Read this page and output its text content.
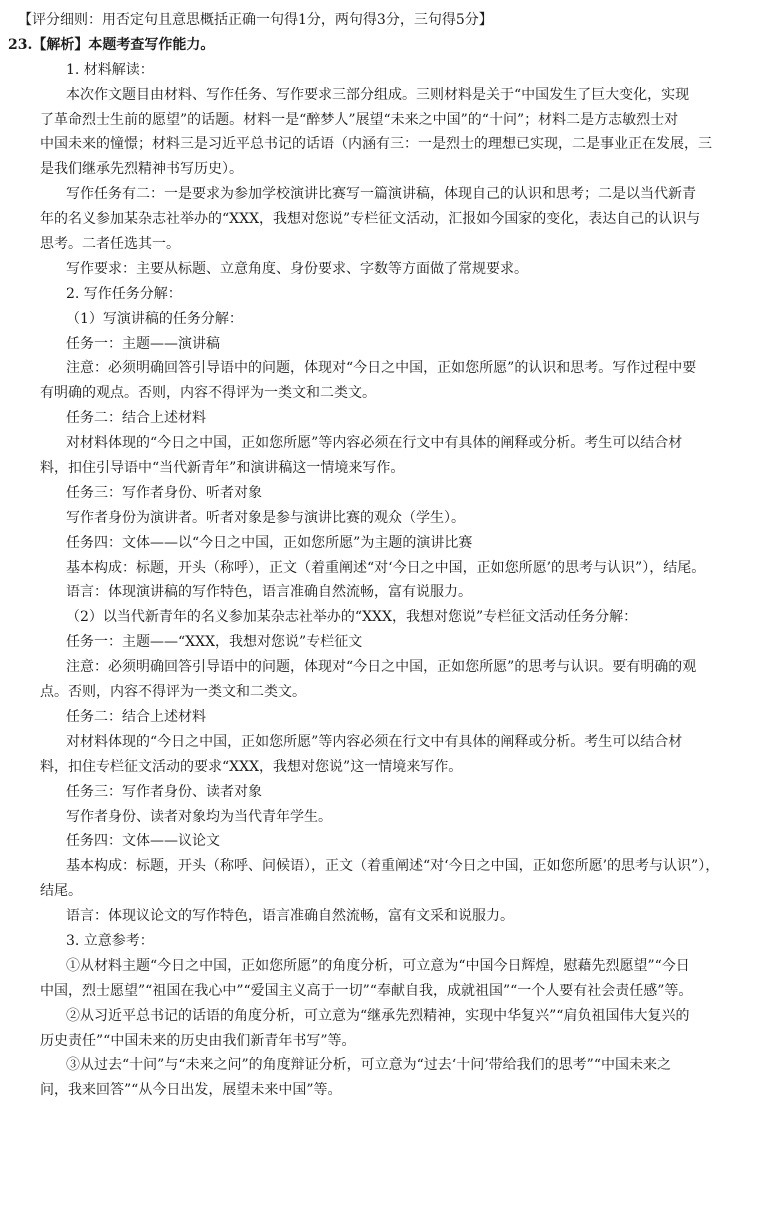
【评分细则：用否定句且意思概括正确一句得1分，两句得3分，三句得5分】
23.【解析】本题考查写作能力。
1. 材料解读：
本次作文题目由材料、写作任务、写作要求三部分组成。三则材料是关于“中国发生了巨大变化，实现
了革命烈士生前的愿望”的话题。材料一是“醉梦人”展望“未来之中国”的“十问”；材料二是方志敏烈士对
中国未来的憧憬；材料三是习近平总书记的话语（内涵有三：一是烈士的理想已实现，二是事业正在发展，三
是我们继承先烈精神书写历史）。
写作任务有二：一是要求为参加学校演讲比赛写一篇演讲稿，体现自己的认识和思考；二是以当代新青
年的名义参加某杂志社举办的“XXX，我想对您说”专栏征文活动，汇报如今国家的变化，表达自己的认识与
思考。二者任选其一。
写作要求：主要从标题、立意角度、身份要求、字数等方面做了常规要求。
2. 写作任务分解：
（1）写演讲稿的任务分解：
任务一：主题——演讲稿
注意：必须明确回答引导语中的问题，体现对“今日之中国，正如您所愿”的认识和思考。写作过程中要
有明确的观点。否则，内容不得评为一类文和二类文。
任务二：结合上述材料
对材料体现的“今日之中国，正如您所愿”等内容必须在行文中有具体的阐释或分析。考生可以结合材
料，扣住引导语中“当代新青年”和演讲稿这一情境来写作。
任务三：写作者身份、听者对象
写作者身份为演讲者。听者对象是参与演讲比赛的观众（学生）。
任务四：文体——以“今日之中国，正如您所愿”为主题的演讲比赛
基本构成：标题，开头（称呼），正文（着重阐述“对‘今日之中国，正如您所愿’的思考与认识”），结尾。
语言：体现演讲稿的写作特色，语言准确自然流畅，富有说服力。
（2）以当代新青年的名义参加某杂志社举办的“XXX，我想对您说”专栏征文活动任务分解：
任务一：主题——“XXX，我想对您说”专栏征文
注意：必须明确回答引导语中的问题，体现对“今日之中国，正如您所愿”的思考与认识。要有明确的观
点。否则，内容不得评为一类文和二类文。
任务二：结合上述材料
对材料体现的“今日之中国，正如您所愿”等内容必须在行文中有具体的阐释或分析。考生可以结合材
料，扣住专栏征文活动的要求“XXX，我想对您说”这一情境来写作。
任务三：写作者身份、读者对象
写作者身份、读者对象均为当代青年学生。
任务四：文体——议论文
基本构成：标题，开头（称呼、问候语），正文（着重阐述“对‘今日之中国，正如您所愿’的思考与认识”），
结尾。
语言：体现议论文的写作特色，语言准确自然流畅，富有文采和说服力。
3. 立意参考：
①从材料主题“今日之中国，正如您所愿”的角度分析，可立意为“中国今日辉煌，慰藉先烈愿望”“今日
中国，烈士愿望”“祖国在我心中”“爱国主义高于一切”“奉献自我，成就祖国”“一个人要有社会责任感”等。
②从习近平总书记的话语的角度分析，可立意为“继承先烈精神，实现中华复兴”“肩负祖国伟大复兴的
历史责任”“中国未来的历史由我们新青年书写”等。
③从过去“十问”与“未来之问”的角度辩证分析，可立意为“过去‘十问’带给我们的思考”“中国未来之
问，我来回答”“从今日出发，展望未来中国”等。
